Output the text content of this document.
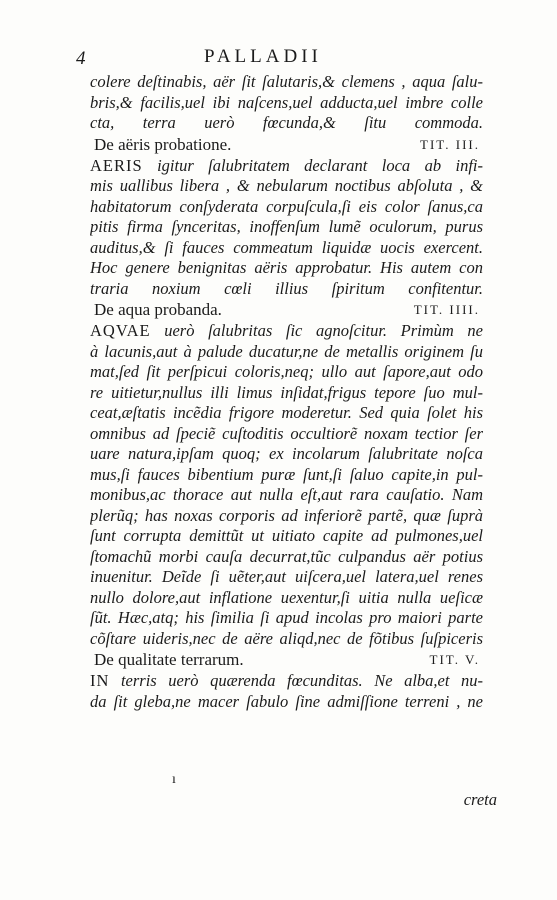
4	PALLADII
colere deſtinabis, aër ſit ſalutaris,& clemens , aqua ſalu-
bris,& facilis,uel ibi naſcens,uel adducta,uel imbre colle
cta, terra uerò fœcunda,& ſitu commoda.
De aëris probatione.	TIT. III.
AERIS igitur ſalubritatem declarant loca ab infi-
mis uallibus libera , & nebularum noctibus abſoluta , &
habitatorum conſyderata corpuſcula,ſi eis color ſanus,ca
pitis firma ſynceritas, inoffenſum lumẽ oculorum, purus
auditus,& ſi fauces commeatum liquidæ uocis exercent.
Hoc genere benignitas aëris approbatur. His autem con
traria noxium cœli illius ſpiritum confitentur.
De aqua probanda.	TIT. IIII.
AQVAE uerò ſalubritas ſic agnoſcitur. Primùm ne
à lacunis,aut à palude ducatur,ne de metallis originem ſu
mat,ſed ſit perſpicui coloris,neq; ullo aut ſapore,aut odo
re uitietur,nullus illi limus inſidat,frigus tepore ſuo mul-
ceat,æſtatis incẽdia frigore moderetur. Sed quia ſolet his
omnibus ad ſpeciẽ cuſtoditis occultiorẽ noxam tectior ſer
uare natura,ipſam quoq; ex incolarum ſalubritate noſca
mus,ſi fauces bibentium puræ ſunt,ſi ſaluo capite,in pul-
monibus,ac thorace aut nulla eſt,aut rara cauſatio. Nam
plerũq; has noxas corporis ad inferiorẽ partẽ, quæ ſuprà
ſunt corrupta demittũt ut uitiato capite ad pulmones,uel
ſtomachũ morbi cauſa decurrat,tũc culpandus aër potius
inuenitur. Deĩde ſi uẽter,aut uiſcera,uel latera,uel renes
nullo dolore,aut inflatione uexentur,ſi uitia nulla ueſicæ
ſũt. Hæc,atq; his ſimilia ſi apud incolas pro maiori parte
cõſtare uideris,nec de aëre aliqd,nec de fõtibus ſuſpiceris
De qualitate terrarum.	TIT. V.
IN terris uerò quærenda fœcunditas. Ne alba,et nu-
da ſit gleba,ne macer ſabulo ſine admiſſione terreni , ne
ı
creta
